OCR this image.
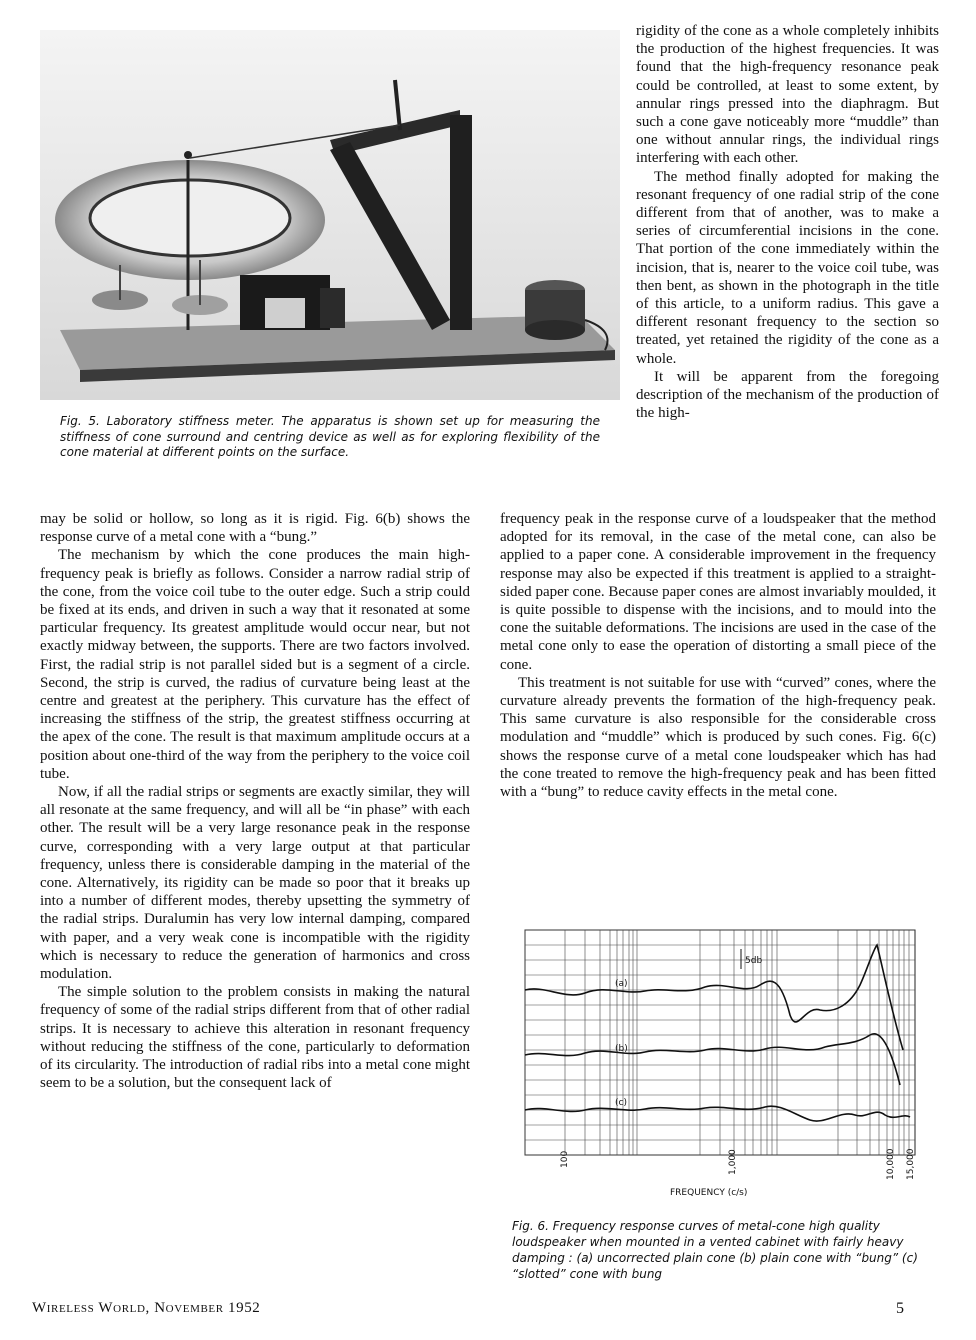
Fig. 5. Laboratory stiffness meter. The apparatus is shown set up for measuring the stiffness of cone surround and centring device as well as for exploring flexibility of the cone material at different points on the surface.

rigidity of the cone as a whole completely inhibits the production of the highest frequencies. It was found that the high-frequency resonance peak could be controlled, at least to some extent, by annular rings pressed into the diaphragm. But such a cone gave noticeably more “muddle” than one without annular rings, the individual rings interfering with each other.

The method finally adopted for making the resonant frequency of one radial strip of the cone different from that of another, was to make a series of circumferential incisions in the cone. That portion of the cone immediately within the incision, that is, nearer to the voice coil tube, was then bent, as shown in the photograph in the title of this article, to a uniform radius. This gave a different resonant frequency to the section so treated, yet retained the rigidity of the cone as a whole.

It will be apparent from the foregoing description of the mechanism of the production of the high-

may be solid or hollow, so long as it is rigid. Fig. 6(b) shows the response curve of a metal cone with a “bung.”

The mechanism by which the cone produces the main high-frequency peak is briefly as follows. Consider a narrow radial strip of the cone, from the voice coil tube to the outer edge. Such a strip could be fixed at its ends, and driven in such a way that it resonated at some particular frequency. Its greatest amplitude would occur near, but not exactly midway between, the supports. There are two factors involved. First, the radial strip is not parallel sided but is a segment of a circle. Second, the strip is curved, the radius of curvature being least at the centre and greatest at the periphery. This curvature has the effect of increasing the stiffness of the strip, the greatest stiffness occurring at the apex of the cone. The result is that maximum amplitude occurs at a position about one-third of the way from the periphery to the voice coil tube.

Now, if all the radial strips or segments are exactly similar, they will all resonate at the same frequency, and will all be “in phase” with each other. The result will be a very large resonance peak in the response curve, corresponding with a very large output at that particular frequency, unless there is considerable damping in the material of the cone. Alternatively, its rigidity can be made so poor that it breaks up into a number of different modes, thereby upsetting the symmetry of the radial strips. Duralumin has very low internal damping, compared with paper, and a very weak cone is incompatible with the rigidity which is necessary to reduce the generation of harmonics and cross modulation.

The simple solution to the problem consists in making the natural frequency of some of the radial strips different from that of other radial strips. It is necessary to achieve this alteration in resonant frequency without reducing the stiffness of the cone, particularly to deformation of its circularity. The introduction of radial ribs into a metal cone might seem to be a solution, but the consequent lack of

frequency peak in the response curve of a loudspeaker that the method adopted for its removal, in the case of the metal cone, can also be applied to a paper cone. A considerable improvement in the frequency response may also be expected if this treatment is applied to a straight-sided paper cone. Because paper cones are almost invariably moulded, it is quite possible to dispense with the incisions, and to mould into the cone the suitable deformations. The incisions are used in the case of the metal cone only to ease the operation of distorting a small piece of the cone.

This treatment is not suitable for use with “curved” cones, where the curvature already prevents the formation of the high-frequency peak. This same curvature is also responsible for the considerable cross modulation and “muddle” which is produced by such cones. Fig. 6(c) shows the response curve of a metal cone loudspeaker which has had the cone treated to remove the high-frequency peak and has been fitted with a “bung” to reduce cavity effects in the metal cone.

(a)
(b)
(c)
5db
100	1,000	10,000 15,000
FREQUENCY (c/s)
Fig. 6. Frequency response curves of metal-cone high quality loudspeaker when mounted in a vented cabinet with fairly heavy damping : (a) uncorrected plain cone (b) plain cone with “bung” (c) “slotted” cone with bung
Wireless World, November 1952	5
